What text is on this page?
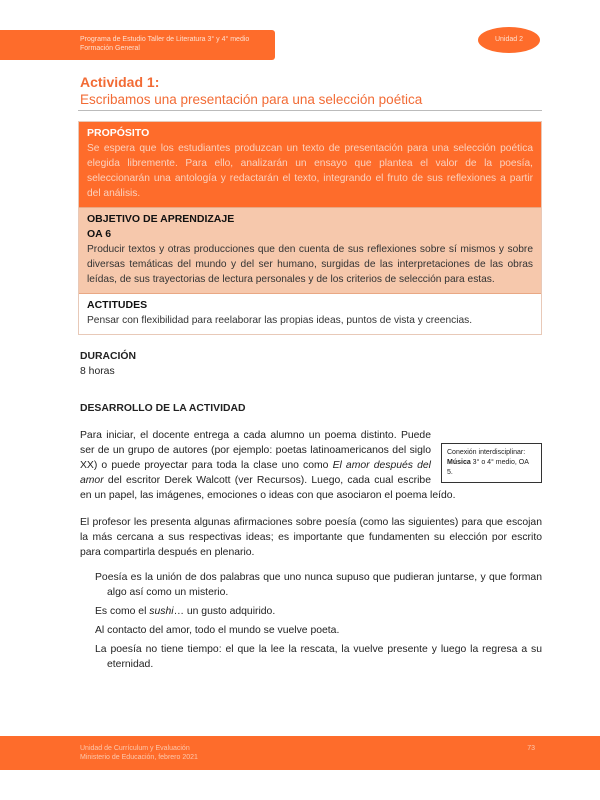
Programa de Estudio Taller de Literatura 3° y 4° medio
Formación General
Unidad 2
Actividad 1:
Escribamos una presentación para una selección poética
PROPÓSITO
Se espera que los estudiantes produzcan un texto de presentación para una selección poética elegida libremente. Para ello, analizarán un ensayo que plantea el valor de la poesía, seleccionarán una antología y redactarán el texto, integrando el fruto de sus reflexiones a partir del análisis.
OBJETIVO DE APRENDIZAJE
OA 6
Producir textos y otras producciones que den cuenta de sus reflexiones sobre sí mismos y sobre diversas temáticas del mundo y del ser humano, surgidas de las interpretaciones de las obras leídas, de sus trayectorias de lectura personales y de los criterios de selección para estas.
ACTITUDES
Pensar con flexibilidad para reelaborar las propias ideas, puntos de vista y creencias.
DURACIÓN
8 horas
DESARROLLO DE LA ACTIVIDAD
Conexión interdisciplinar:
Música 3° o 4° medio, OA 5.
Para iniciar, el docente entrega a cada alumno un poema distinto. Puede ser de un grupo de autores (por ejemplo: poetas latinoamericanos del siglo XX) o puede proyectar para toda la clase uno como El amor después del amor del escritor Derek Walcott (ver Recursos). Luego, cada cual escribe en un papel, las imágenes, emociones o ideas con que asociaron el poema leído.
El profesor les presenta algunas afirmaciones sobre poesía (como las siguientes) para que escojan la más cercana a sus respectivas ideas; es importante que fundamenten su elección por escrito para compartirla después en plenario.
Poesía es la unión de dos palabras que uno nunca supuso que pudieran juntarse, y que forman algo así como un misterio.
Es como el sushi… un gusto adquirido.
Al contacto del amor, todo el mundo se vuelve poeta.
La poesía no tiene tiempo: el que la lee la rescata, la vuelve presente y luego la regresa a su eternidad.
Unidad de Currículum y Evaluación
Ministerio de Educación, febrero 2021
73
